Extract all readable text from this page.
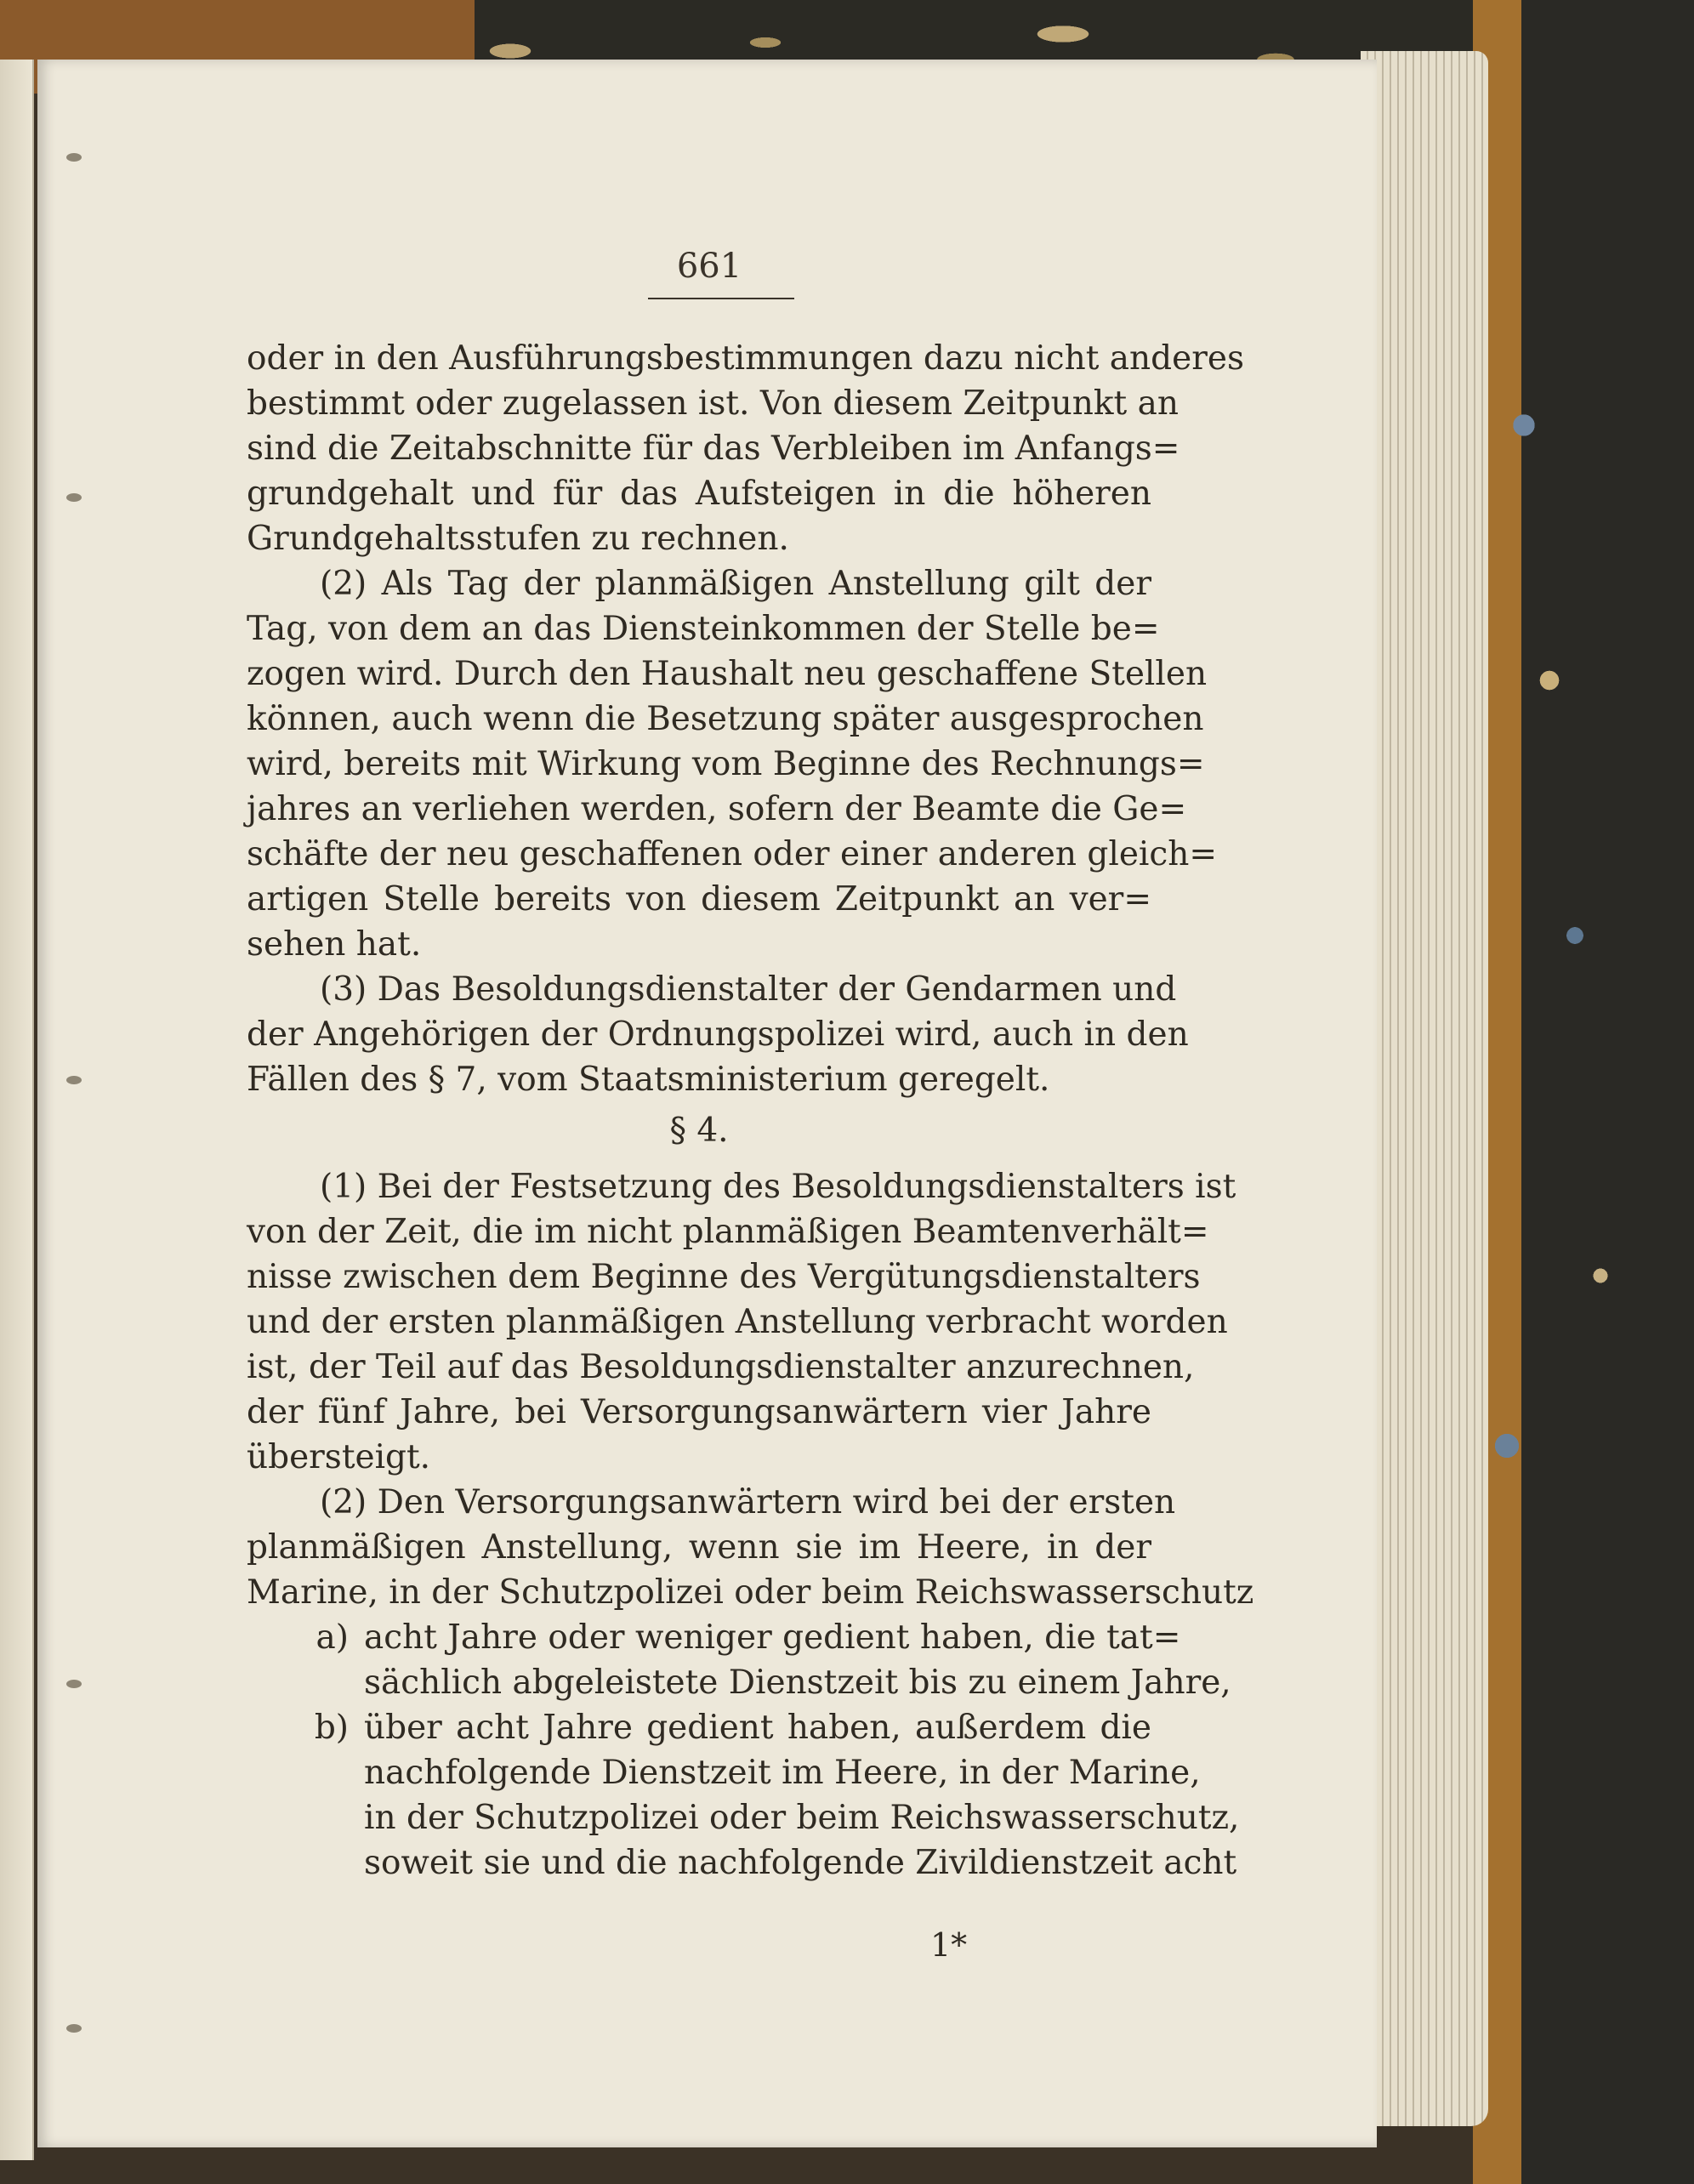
661
oder in den Ausführungsbestimmungen dazu nicht anderes
bestimmt oder zugelassen ist. Von diesem Zeitpunkt an
sind die Zeitabschnitte für das Verbleiben im Anfangs=
grundgehalt und für das Aufsteigen in die höheren
Grundgehaltsstufen zu rechnen.
(2) Als Tag der planmäßigen Anstellung gilt der
Tag, von dem an das Diensteinkommen der Stelle be=
zogen wird. Durch den Haushalt neu geschaffene Stellen
können, auch wenn die Besetzung später ausgesprochen
wird, bereits mit Wirkung vom Beginne des Rechnungs=
jahres an verliehen werden, sofern der Beamte die Ge=
schäfte der neu geschaffenen oder einer anderen gleich=
artigen Stelle bereits von diesem Zeitpunkt an ver=
sehen hat.
(3) Das Besoldungsdienstalter der Gendarmen und
der Angehörigen der Ordnungspolizei wird, auch in den
Fällen des § 7, vom Staatsministerium geregelt.
§ 4.
(1) Bei der Festsetzung des Besoldungsdienstalters ist
von der Zeit, die im nicht planmäßigen Beamtenverhält=
nisse zwischen dem Beginne des Vergütungsdienstalters
und der ersten planmäßigen Anstellung verbracht worden
ist, der Teil auf das Besoldungsdienstalter anzurechnen,
der fünf Jahre, bei Versorgungsanwärtern vier Jahre
übersteigt.
(2) Den Versorgungsanwärtern wird bei der ersten
planmäßigen Anstellung, wenn sie im Heere, in der
Marine, in der Schutzpolizei oder beim Reichswasserschutz
a) acht Jahre oder weniger gedient haben, die tat=
sächlich abgeleistete Dienstzeit bis zu einem Jahre,
b) über acht Jahre gedient haben, außerdem die
nachfolgende Dienstzeit im Heere, in der Marine,
in der Schutzpolizei oder beim Reichswasserschutz,
soweit sie und die nachfolgende Zivildienstzeit acht
1*
